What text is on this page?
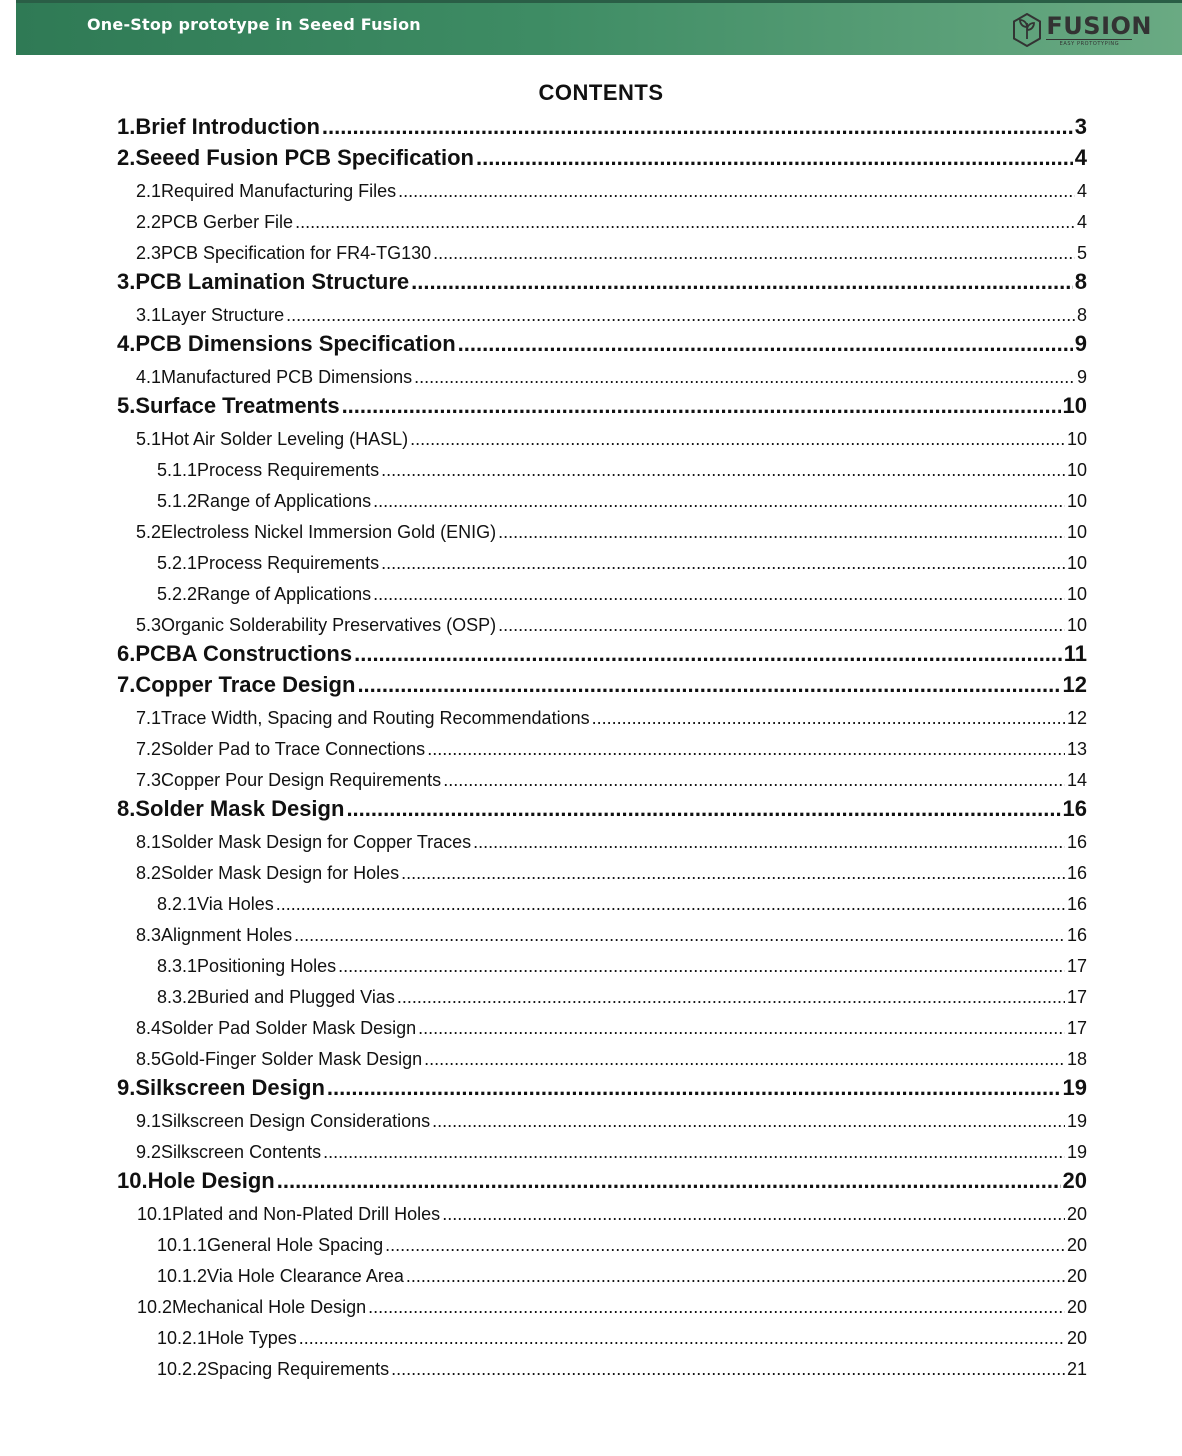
One-Stop prototype in Seeed Fusion	FUSION
EASY PROTOTYPING
CONTENTS
1. Brief Introduction .....	3
2. Seeed Fusion PCB Specification .....	4
2.1 Required Manufacturing Files .....	4
2.2 PCB Gerber File .....	4
2.3 PCB Specification for FR4-TG130 .....	5
3. PCB Lamination Structure .....	8
3.1 Layer Structure .....	8
4. PCB Dimensions Specification .....	9
4.1 Manufactured PCB Dimensions .....	9
5. Surface Treatments .....	10
5.1 Hot Air Solder Leveling (HASL) .....	10
5.1.1 Process Requirements .....	10
5.1.2 Range of Applications .....	10
5.2 Electroless Nickel Immersion Gold (ENIG) .....	10
5.2.1 Process Requirements .....	10
5.2.2 Range of Applications .....	10
5.3 Organic Solderability Preservatives (OSP) .....	10
6. PCBA Constructions .....	11
7. Copper Trace Design .....	12
7.1 Trace Width, Spacing and Routing Recommendations .....	12
7.2 Solder Pad to Trace Connections .....	13
7.3 Copper Pour Design Requirements .....	14
8. Solder Mask Design .....	16
8.1 Solder Mask Design for Copper Traces .....	16
8.2 Solder Mask Design for Holes .....	16
8.2.1 Via Holes .....	16
8.3 Alignment Holes .....	16
8.3.1 Positioning Holes .....	17
8.3.2 Buried and Plugged Vias .....	17
8.4 Solder Pad Solder Mask Design .....	17
8.5 Gold-Finger Solder Mask Design .....	18
9. Silkscreen Design .....	19
9.1 Silkscreen Design Considerations .....	19
9.2 Silkscreen Contents .....	19
10. Hole Design .....	20
10.1 Plated and Non-Plated Drill Holes .....	20
10.1.1 General Hole Spacing .....	20
10.1.2 Via Hole Clearance Area .....	20
10.2 Mechanical Hole Design .....	20
10.2.1 Hole Types .....	20
10.2.2 Spacing Requirements .....	21
